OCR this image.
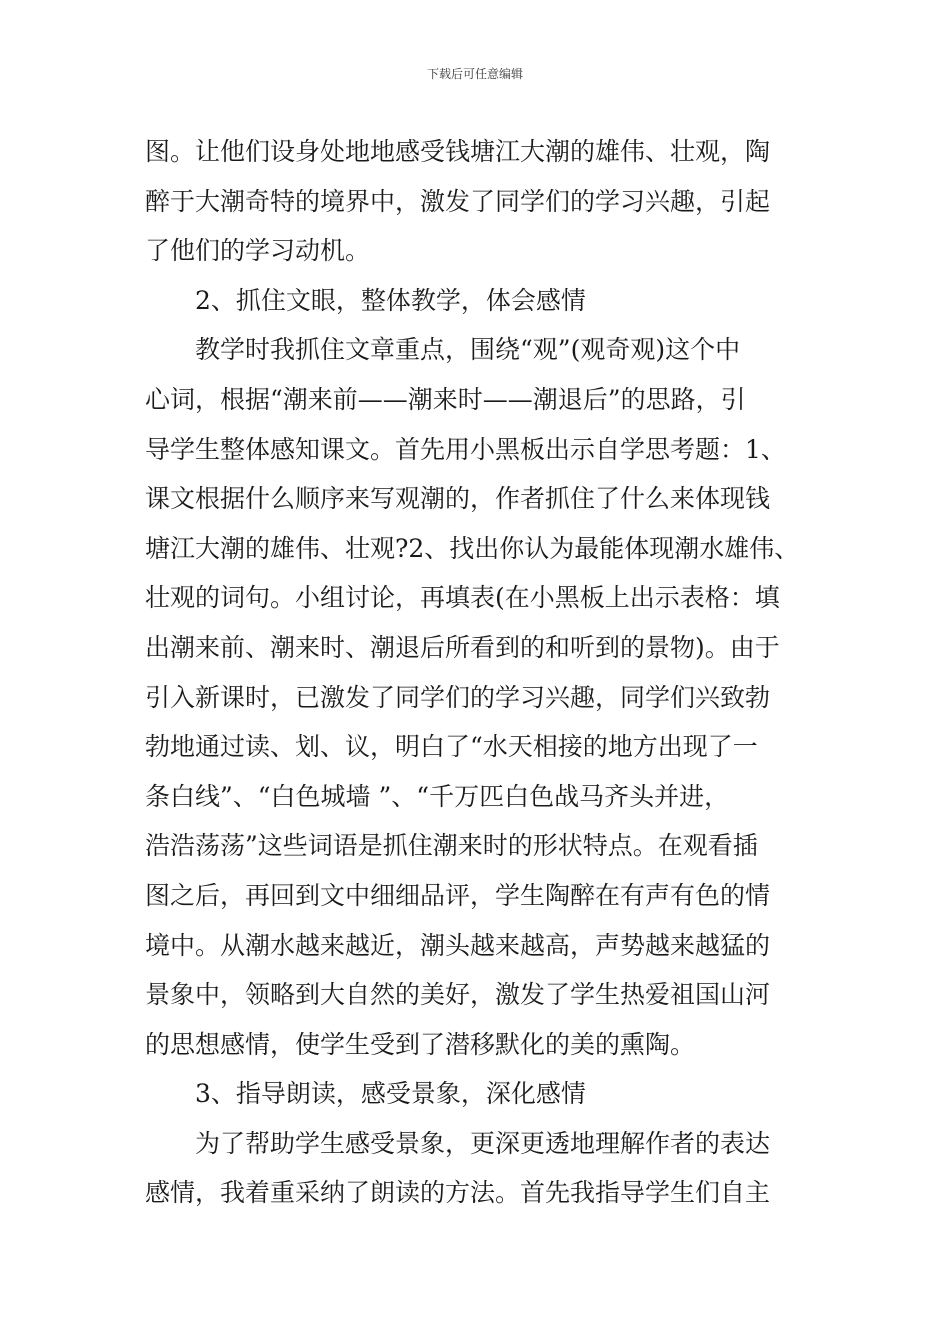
下载后可任意编辑
图。让他们设身处地地感受钱塘江大潮的雄伟、壮观，陶
醉于大潮奇特的境界中，激发了同学们的学习兴趣，引起
了他们的学习动机。
2、抓住文眼，整体教学，体会感情
教学时我抓住文章重点，围绕“观”(观奇观)这个中
心词，根据“潮来前——潮来时——潮退后”的思路，引
导学生整体感知课文。首先用小黑板出示自学思考题：1、
课文根据什么顺序来写观潮的，作者抓住了什么来体现钱
塘江大潮的雄伟、壮观?2、找出你认为最能体现潮水雄伟、
壮观的词句。小组讨论，再填表(在小黑板上出示表格：填
出潮来前、潮来时、潮退后所看到的和听到的景物)。由于
引入新课时，已激发了同学们的学习兴趣，同学们兴致勃
勃地通过读、划、议，明白了“水天相接的地方出现了一
条白线”、“白色城墙 ”、“千万匹白色战马齐头并进，
浩浩荡荡”这些词语是抓住潮来时的形状特点。在观看插
图之后，再回到文中细细品评，学生陶醉在有声有色的情
境中。从潮水越来越近，潮头越来越高，声势越来越猛的
景象中，领略到大自然的美好，激发了学生热爱祖国山河
的思想感情，使学生受到了潜移默化的美的熏陶。
3、指导朗读，感受景象，深化感情
为了帮助学生感受景象，更深更透地理解作者的表达
感情，我着重采纳了朗读的方法。首先我指导学生们自主
